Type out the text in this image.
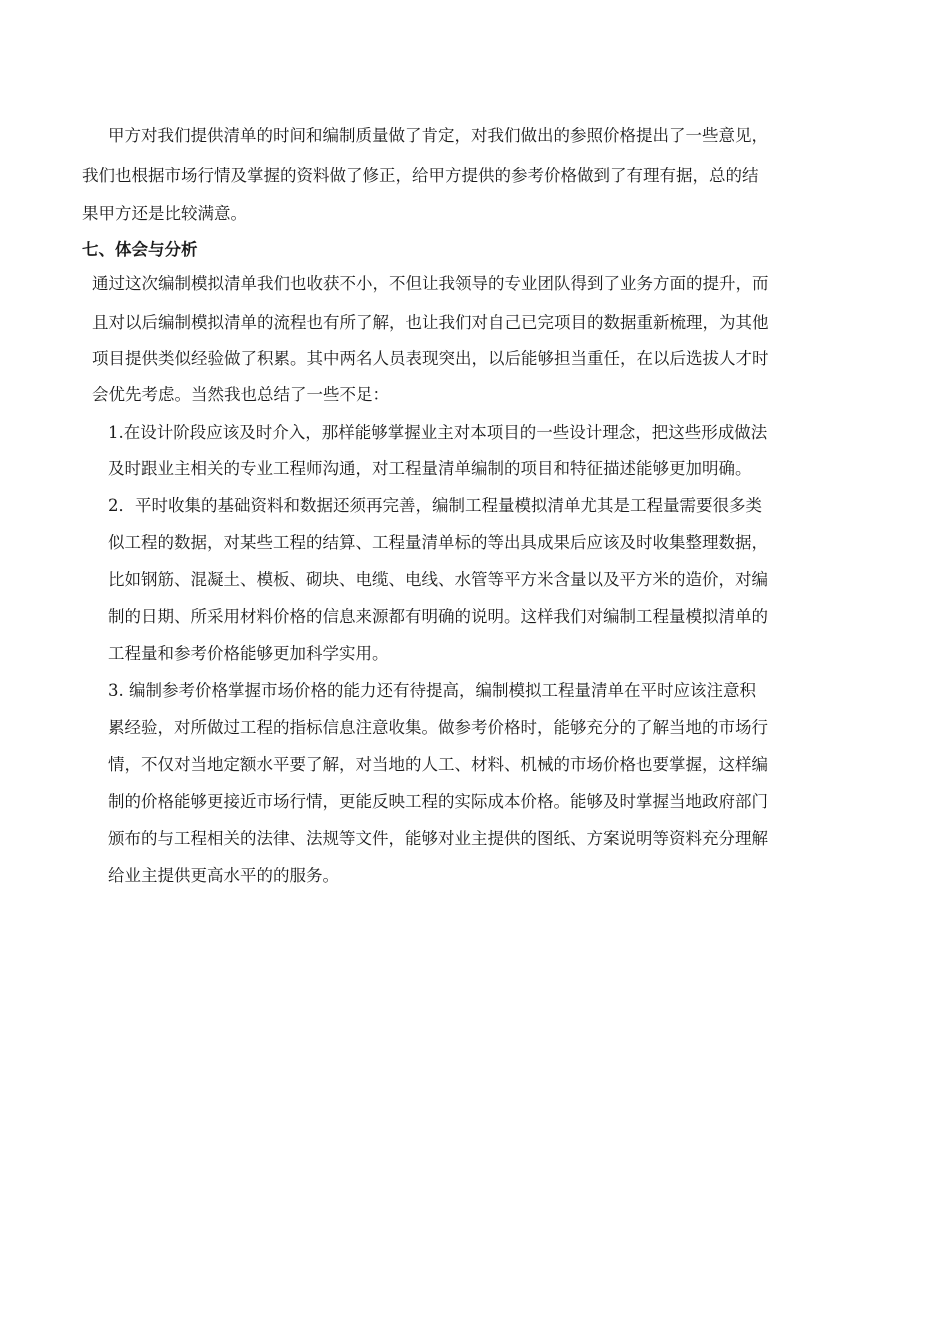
甲方对我们提供清单的时间和编制质量做了肯定，对我们做出的参照价格提出了一些意见，
我们也根据市场行情及掌握的资料做了修正，给甲方提供的参考价格做到了有理有据，总的结
果甲方还是比较满意。
七、体会与分析
通过这次编制模拟清单我们也收获不小，不但让我领导的专业团队得到了业务方面的提升，而
且对以后编制模拟清单的流程也有所了解，也让我们对自己已完项目的数据重新梳理，为其他
项目提供类似经验做了积累。其中两名人员表现突出，以后能够担当重任，在以后选拔人才时
会优先考虑。当然我也总结了一些不足：
1.在设计阶段应该及时介入，那样能够掌握业主对本项目的一些设计理念，把这些形成做法
及时跟业主相关的专业工程师沟通，对工程量清单编制的项目和特征描述能够更加明确。
2．平时收集的基础资料和数据还须再完善，编制工程量模拟清单尤其是工程量需要很多类
似工程的数据，对某些工程的结算、工程量清单标的等出具成果后应该及时收集整理数据，
比如钢筋、混凝土、模板、砌块、电缆、电线、水管等平方米含量以及平方米的造价，对编
制的日期、所采用材料价格的信息来源都有明确的说明。这样我们对编制工程量模拟清单的
工程量和参考价格能够更加科学实用。
3. 编制参考价格掌握市场价格的能力还有待提高，编制模拟工程量清单在平时应该注意积
累经验，对所做过工程的指标信息注意收集。做参考价格时，能够充分的了解当地的市场行
情，不仅对当地定额水平要了解，对当地的人工、材料、机械的市场价格也要掌握，这样编
制的价格能够更接近市场行情，更能反映工程的实际成本价格。能够及时掌握当地政府部门
颁布的与工程相关的法律、法规等文件，能够对业主提供的图纸、方案说明等资料充分理解
给业主提供更高水平的的服务。
